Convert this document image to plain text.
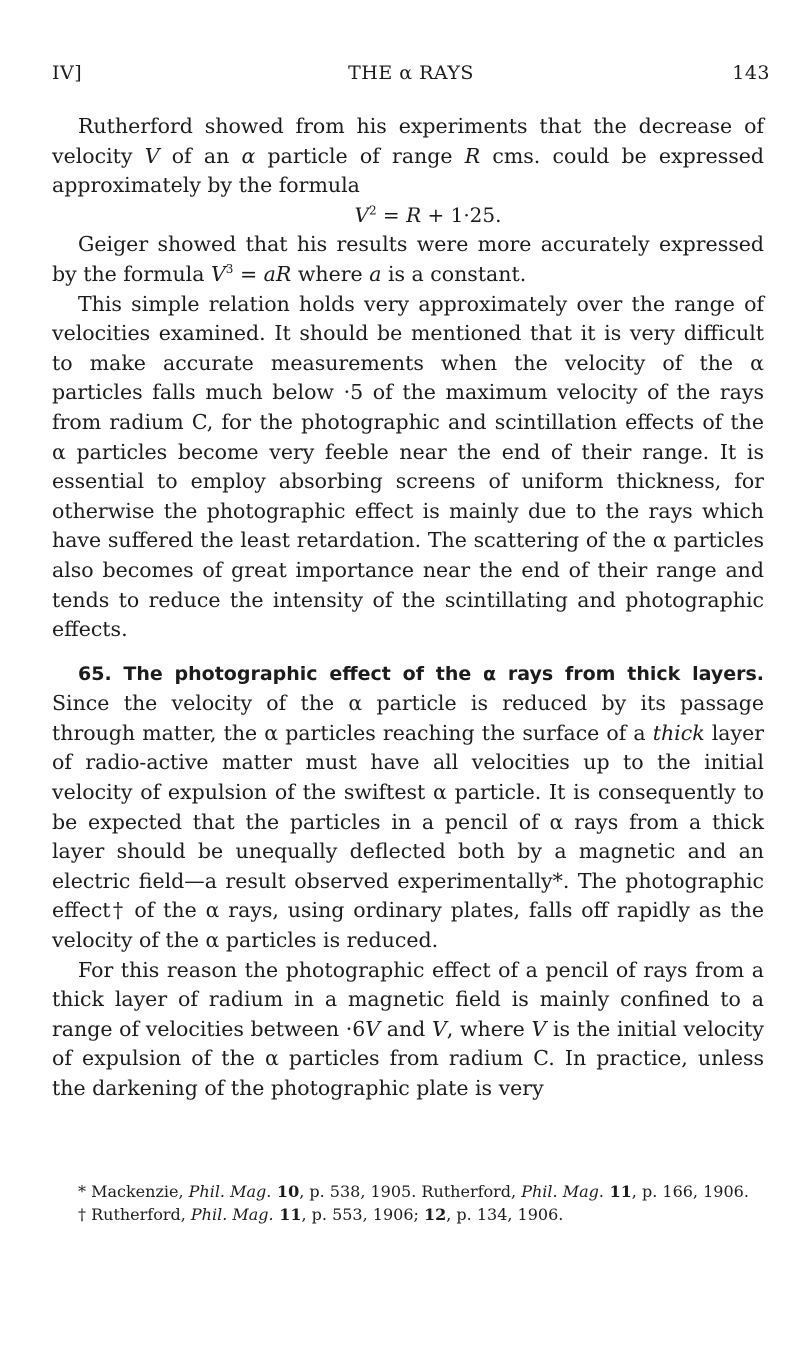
IV]	THE α RAYS	143

Rutherford showed from his experiments that the decrease of velocity V of an α particle of range R cms. could be expressed approximately by the formula

$V^2 = R + 1\cdot 25$.

Geiger showed that his results were more accurately expressed by the formula $V^3$ = aR where a is a constant.

This simple relation holds very approximately over the range of velocities examined. It should be mentioned that it is very difficult to make accurate measurements when the velocity of the α particles falls much below ·5 of the maximum velocity of the rays from radium C, for the photographic and scintillation effects of the α particles become very feeble near the end of their range. It is essential to employ absorbing screens of uniform thickness, for otherwise the photographic effect is mainly due to the rays which have suffered the least retardation. The scattering of the α particles also becomes of great importance near the end of their range and tends to reduce the intensity of the scintillating and photographic effects.

65. The photographic effect of the α rays from thick layers. Since the velocity of the α particle is reduced by its passage through matter, the α particles reaching the surface of a thick layer of radio-active matter must have all velocities up to the initial velocity of expulsion of the swiftest α particle. It is consequently to be expected that the particles in a pencil of α rays from a thick layer should be unequally deflected both by a magnetic and an electric field—a result observed experimentally*. The photographic effect† of the α rays, using ordinary plates, falls off rapidly as the velocity of the α particles is reduced.

For this reason the photographic effect of a pencil of rays from a thick layer of radium in a magnetic field is mainly confined to a range of velocities between ·6V and V, where V is the initial velocity of expulsion of the α particles from radium C. In practice, unless the darkening of the photographic plate is very

* Mackenzie, Phil. Mag. 10, p. 538, 1905. Rutherford, Phil. Mag. 11, p. 166, 1906.

† Rutherford, Phil. Mag. 11, p. 553, 1906; 12, p. 134, 1906.
